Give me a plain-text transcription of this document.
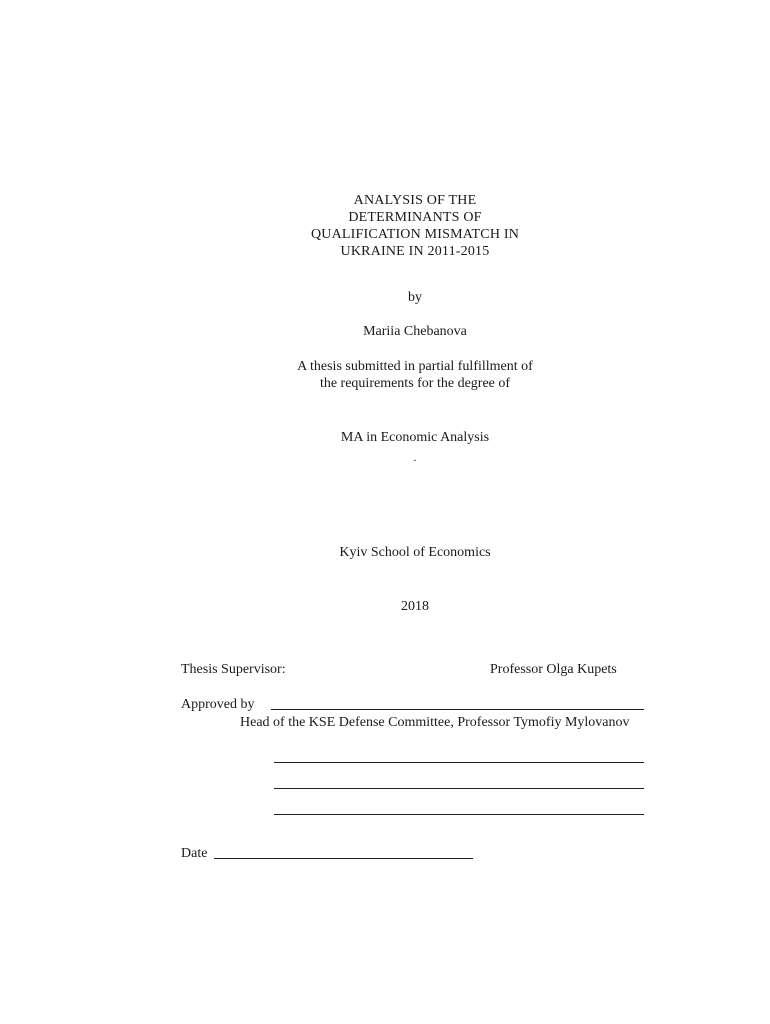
ANALYSIS OF THE
DETERMINANTS OF
QUALIFICATION MISMATCH IN
UKRAINE IN 2011-2015
by
Mariia Chebanova
A thesis submitted in partial fulfillment of
the requirements for the degree of
MA in Economic Analysis
.
Kyiv School of Economics
2018
Thesis Supervisor:	Professor Olga Kupets
Approved by
Head of the KSE Defense Committee, Professor Tymofiy Mylovanov
Date
